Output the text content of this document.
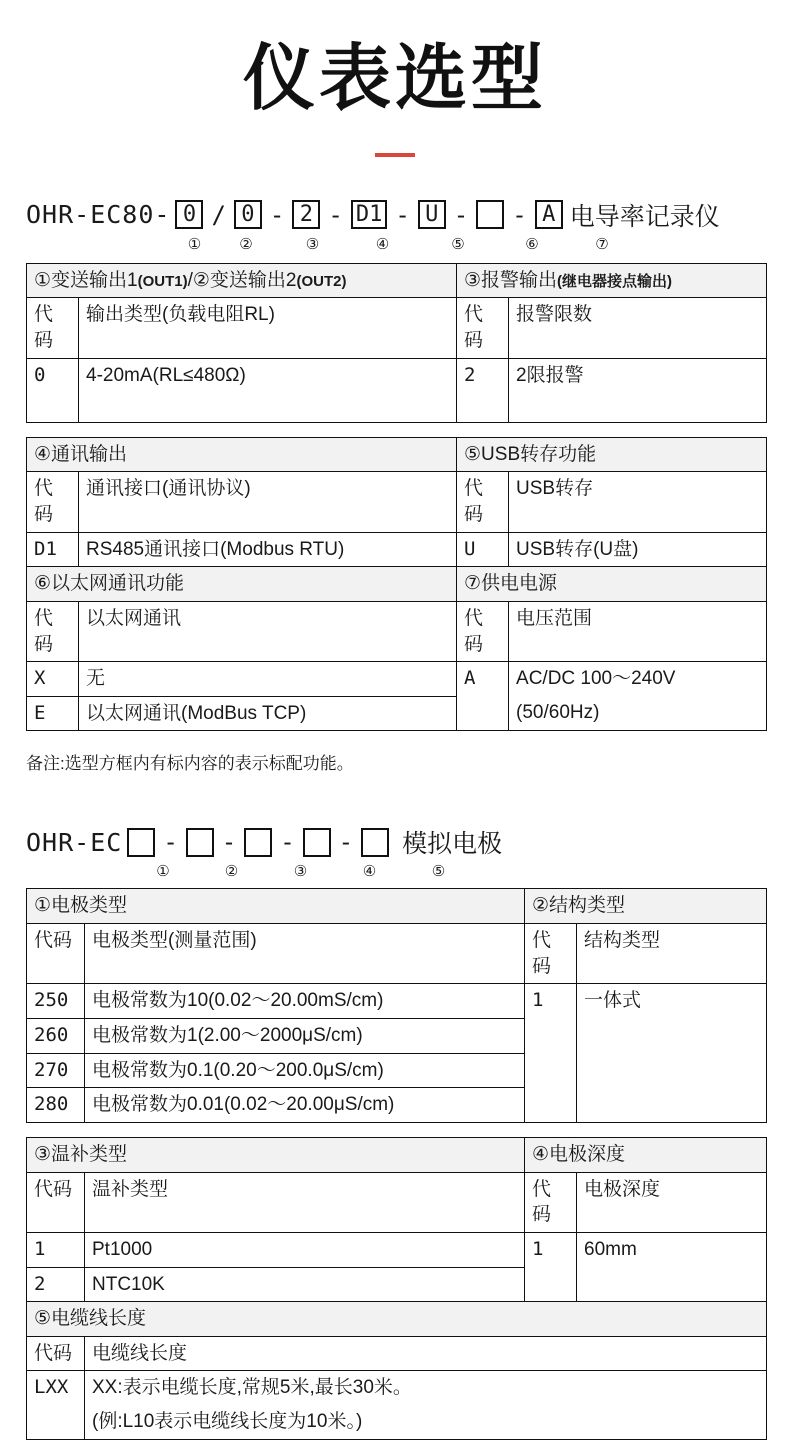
仪表选型
OHR-EC80- 0 / 0 - 2 - D1 - U - - A 电导率记录仪
①	②	③	④	⑤	⑥	⑦
①变送输出1(OUT1)/②变送输出2(OUT2)		③报警输出(继电器接点输出)	
代码	输出类型(负载电阻RL)	代码	报警限数
0	4-20mA(RL≤480Ω)	2	2限报警
④通讯输出		⑤USB转存功能	
代码	通讯接口(通讯协议)	代码	USB转存
D1	RS485通讯接口(Modbus RTU)	U	USB转存(U盘)
⑥以太网通讯功能		⑦供电电源	
代码	以太网通讯	代码	电压范围
X	无	A	AC/DC 100～240V
E	以太网通讯(ModBus TCP)		(50/60Hz)
备注:选型方框内有标内容的表示标配功能。
OHR-EC - - - - 模拟电极
①	②	③	④	⑤
①电极类型		②结构类型	
代码	电极类型(测量范围)	代码	结构类型
250	电极常数为10(0.02～20.00mS/cm)	1	一体式
260	电极常数为1(2.00～2000μS/cm)		
270	电极常数为0.1(0.20～200.0μS/cm)		
280	电极常数为0.01(0.02～20.00μS/cm)		
③温补类型		④电极深度	
代码	温补类型	代码	电极深度
1	Pt1000	1	60mm
2	NTC10K		
⑤电缆线长度	
代码	电缆线长度
LXX	XX:表示电缆长度,常规5米,最长30米。
	(例:L10表示电缆线长度为10米。)
